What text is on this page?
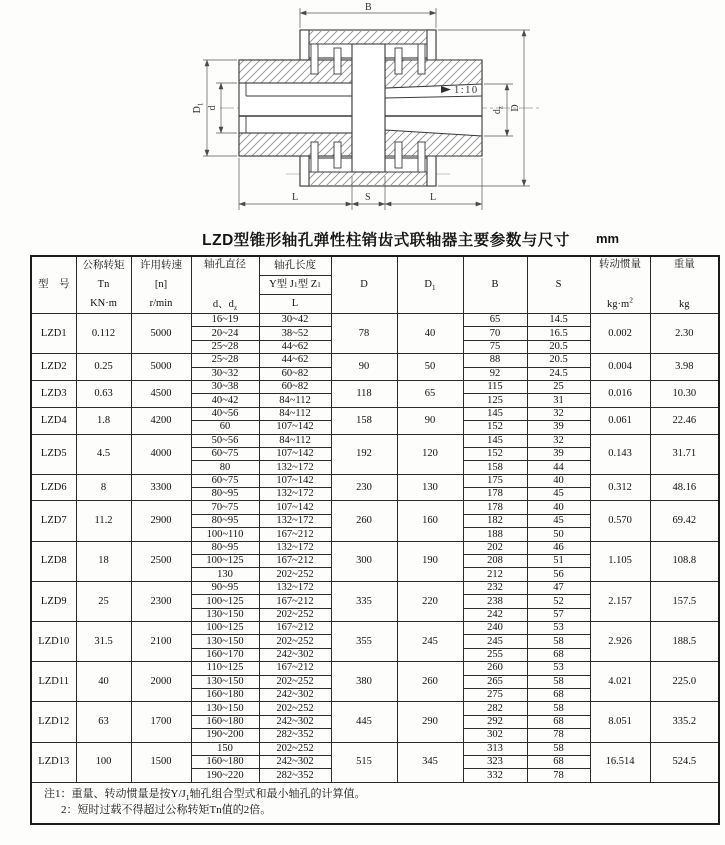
1:10
B
$D_1$
d
$d_z$ D
L	S	L
LZD型锥形轴孔弹性柱销齿式联轴器主要参数与尺寸 mm
型　号	
公称转矩
Tn
KN·m

许用转速
[n]
r/min

轴孔直径
d、$d_z$

轴孔长度
Y型 J 1 型 Z 1
L
	D	$D_1$	B	S	
转动惯量
$kg\cdot m^2$

重量
kg

LZD1	0.112	5000	16~19	30~42	78	40	65	14.5	0.002	2.30
			20~24	38~52			70	16.5		
			25~28	44~62			75	20.5		
LZD2	0.25	5000	25~28	44~62	90	50	88	20.5	0.004	3.98
			30~32	60~82			92	24.5		
LZD3	0.63	4500	30~38	60~82	118	65	115	25	0.016	10.30
			40~42	84~112			125	31		
LZD4	1.8	4200	40~56	84~112	158	90	145	32	0.061	22.46
			60	107~142			152	39		
LZD5	4.5	4000	50~56	84~112	192	120	145	32	0.143	31.71
			60~75	107~142			152	39		
			80	132~172			158	44		
LZD6	8	3300	60~75	107~142	230	130	175	40	0.312	48.16
			80~95	132~172			178	45		
LZD7	11.2	2900	70~75	107~142	260	160	178	40	0.570	69.42
			80~95	132~172			182	45		
			100~110	167~212			188	50		
LZD8	18	2500	80~95	132~172	300	190	202	46	1.105	108.8
			100~125	167~212			208	51		
			130	202~252			212	56		
LZD9	25	2300	90~95	132~172	335	220	232	47	2.157	157.5
			100~125	167~212			238	52		
			130~150	202~252			242	57		
LZD10	31.5	2100	100~125	167~212	355	245	240	53	2.926	188.5
			130~150	202~252			245	58		
			160~170	242~302			255	68		
LZD11	40	2000	110~125	167~212	380	260	260	53	4.021	225.0
			130~150	202~252			265	58		
			160~180	242~302			275	68		
LZD12	63	1700	130~150	202~252	445	290	282	58	8.051	335.2
			160~180	242~302			292	68		
			190~200	282~352			302	78		
LZD13	100	1500	150	202~252	515	345	313	58	16.514	524.5
			160~180	242~302			323	68		
			190~220	282~352			332	78		

注1：重量、转动惯量是按$Y/J_1$轴孔组合型式和最小轴孔的计算值。
2：短时过载不得超过公称转矩Tn值的2倍。										
